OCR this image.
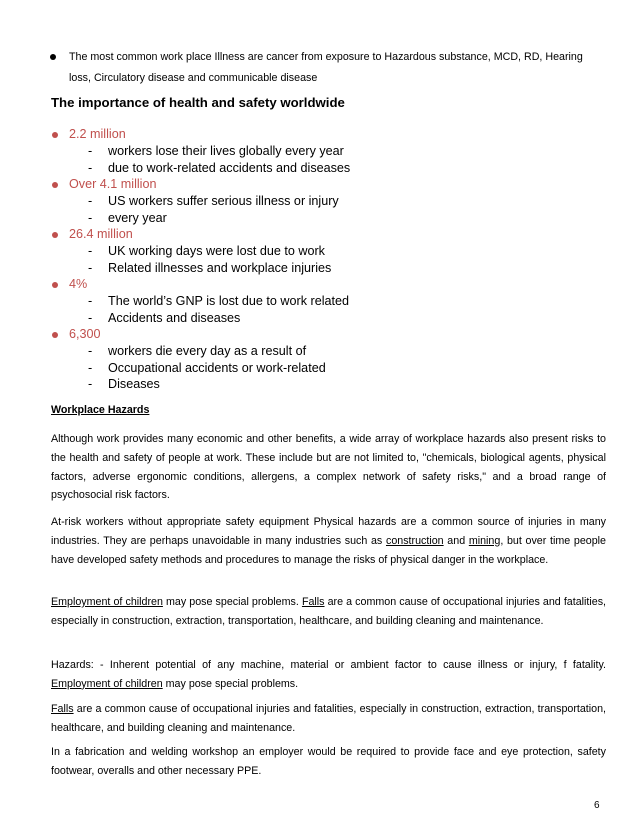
The most common work place Illness are cancer from exposure to Hazardous substance, MCD, RD, Hearing loss, Circulatory disease and communicable disease
The importance of health and safety worldwide
2.2 million
- workers lose their lives globally every year
- due to work-related accidents and diseases
Over 4.1 million
- US workers suffer serious illness or injury
- every year
26.4 million
- UK working days were lost due to work
- Related illnesses and workplace injuries
4%
- The world’s GNP is lost due to work related
- Accidents and diseases
6,300
- workers die every day as a result of
- Occupational accidents or work-related
- Diseases
Workplace Hazards
Although work provides many economic and other benefits, a wide array of workplace hazards also present risks to the health and safety of people at work. These include but are not limited to, "chemicals, biological agents, physical factors, adverse ergonomic conditions, allergens, a complex network of safety risks," and a broad range of psychosocial risk factors.
At-risk workers without appropriate safety equipment Physical hazards are a common source of injuries in many industries. They are perhaps unavoidable in many industries such as construction and mining, but over time people have developed safety methods and procedures to manage the risks of physical danger in the workplace.
Employment of children may pose special problems. Falls are a common cause of occupational injuries and fatalities, especially in construction, extraction, transportation, healthcare, and building cleaning and maintenance.
Hazards: - Inherent potential of any machine, material or ambient factor to cause illness or injury, f fatality. Employment of children may pose special problems.
Falls are a common cause of occupational injuries and fatalities, especially in construction, extraction, transportation, healthcare, and building cleaning and maintenance.
In a fabrication and welding workshop an employer would be required to provide face and eye protection, safety footwear, overalls and other necessary PPE.
6
